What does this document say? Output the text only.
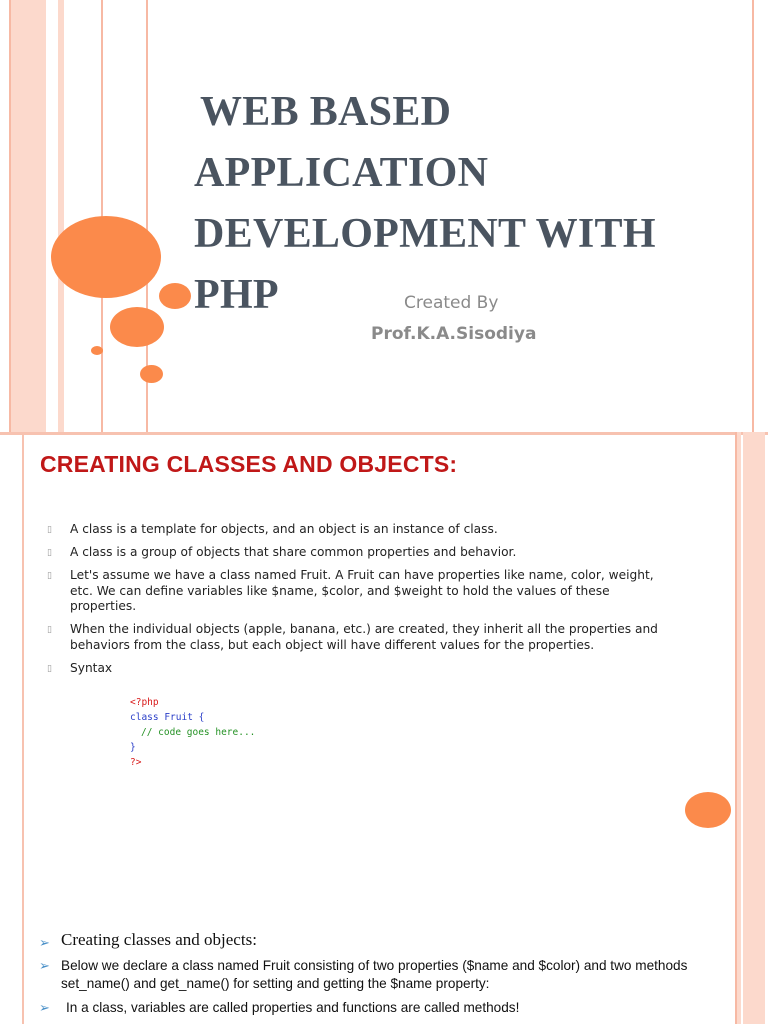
WEB BASED
APPLICATION
DEVELOPMENT WITH
PHP	Created By
Prof.K.A.Sisodiya
CREATING CLASSES AND OBJECTS:
▯ A class is a template for objects, and an object is an instance of class.
▯ A class is a group of objects that share common properties and behavior.
▯ Let's assume we have a class named Fruit. A Fruit can have properties like name, color, weight, etc. We can define variables like $name, $color, and $weight to hold the values of these properties.
▯ When the individual objects (apple, banana, etc.) are created, they inherit all the properties and behaviors from the class, but each object will have different values for the properties.
▯ Syntax
<?php
class Fruit {
// code goes here...
}
?>
➢ Creating classes and objects:
➢ Below we declare a class named Fruit consisting of two properties ($name and $color) and two methods set_name() and get_name() for setting and getting the $name property:
➢ In a class, variables are called properties and functions are called methods!
